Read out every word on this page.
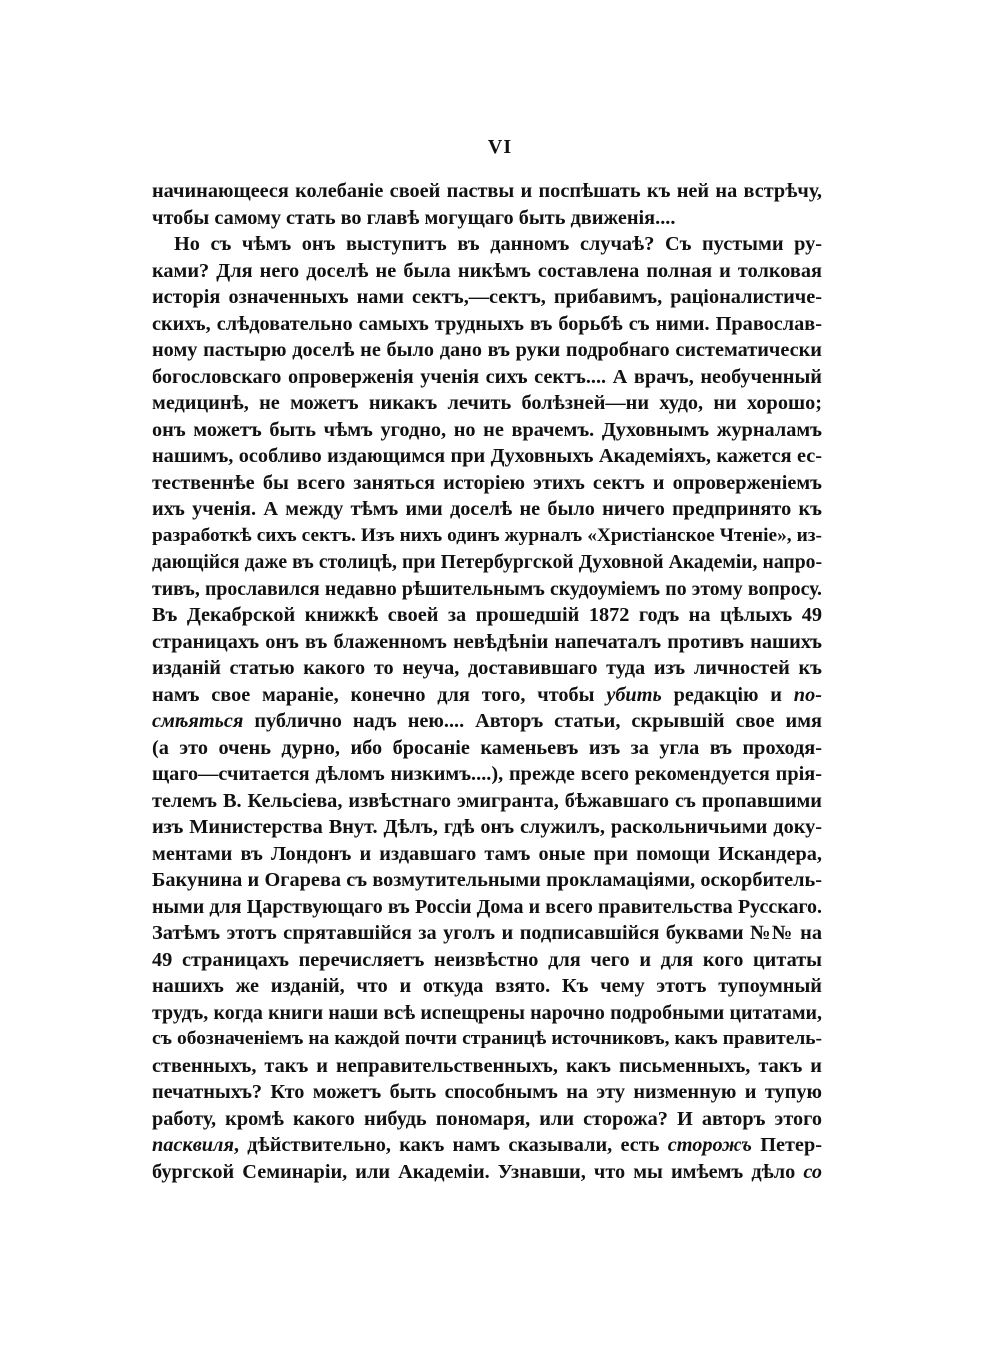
VI
начинающееся колебаніе своей паствы и поспѣшать къ ней на встрѣчу,
чтобы самому стать во главѣ могущаго быть движенія....
Но съ чѣмъ онъ выступитъ въ данномъ случаѣ? Съ пустыми ру-
ками? Для него доселѣ не была никѣмъ составлена полная и толковая
исторія означенныхъ нами сектъ,—сектъ, прибавимъ, раціоналистиче-
скихъ, слѣдовательно самыхъ трудныхъ въ борьбѣ съ ними. Православ-
ному пастырю доселѣ не было дано въ руки подробнаго систематически
богословскаго опроверженія ученія сихъ сектъ.... А врачъ, необученный
медицинѣ, не можетъ никакъ лечить болѣзней—ни худо, ни хорошо;
онъ можетъ быть чѣмъ угодно, но не врачемъ. Духовнымъ журналамъ
нашимъ, особливо издающимся при Духовныхъ Академіяхъ, кажется ес-
тественнѣе бы всего заняться исторіею этихъ сектъ и опроверженіемъ
ихъ ученія. А между тѣмъ ими доселѣ не было ничего предпринято къ
разработкѣ сихъ сектъ. Изъ нихъ одинъ журналъ «Христіанское Чтеніе», из-
дающійся даже въ столицѣ, при Петербургской Духовной Академіи, напро-
тивъ, прославился недавно рѣшительнымъ скудоуміемъ по этому вопросу.
Въ Декабрской книжкѣ своей за прошедшій 1872 годъ на цѣлыхъ 49
страницахъ онъ въ блаженномъ невѣдѣніи напечаталъ противъ нашихъ
изданій статью какого то неуча, доставившаго туда изъ личностей къ
намъ свое мараніе, конечно для того, чтобы убить редакцію и по-
смѣяться публично надъ нею.... Авторъ статьи, скрывшій свое имя
(а это очень дурно, ибо бросаніе каменьевъ изъ за угла въ проходя-
щаго—считается дѣломъ низкимъ....), прежде всего рекомендуется прія-
телемъ В. Кельсіева, извѣстнаго эмигранта, бѣжавшаго съ пропавшими
изъ Министерства Внут. Дѣлъ, гдѣ онъ служилъ, раскольничьими доку-
ментами въ Лондонъ и издавшаго тамъ оные при помощи Искандера,
Бакунина и Огарева съ возмутительными прокламаціями, оскорбитель-
ными для Царствующаго въ Россіи Дома и всего правительства Русскаго.
Затѣмъ этотъ спрятавшійся за уголъ и подписавшійся буквами №№ на
49 страницахъ перечисляетъ неизвѣстно для чего и для кого цитаты
нашихъ же изданій, что и откуда взято. Къ чему этотъ тупоумный
трудъ, когда книги наши всѣ испещрены нарочно подробными цитатами,
съ обозначеніемъ на каждой почти страницѣ источниковъ, какъ правитель-
ственныхъ, такъ и неправительственныхъ, какъ письменныхъ, такъ и
печатныхъ? Кто можетъ быть способнымъ на эту низменную и тупую
работу, кромѣ какого нибудь пономаря, или сторожа? И авторъ этого
пасквиля, дѣйствительно, какъ намъ сказывали, есть сторожъ Петер-
бургской Семинаріи, или Академіи. Узнавши, что мы имѣемъ дѣло со
